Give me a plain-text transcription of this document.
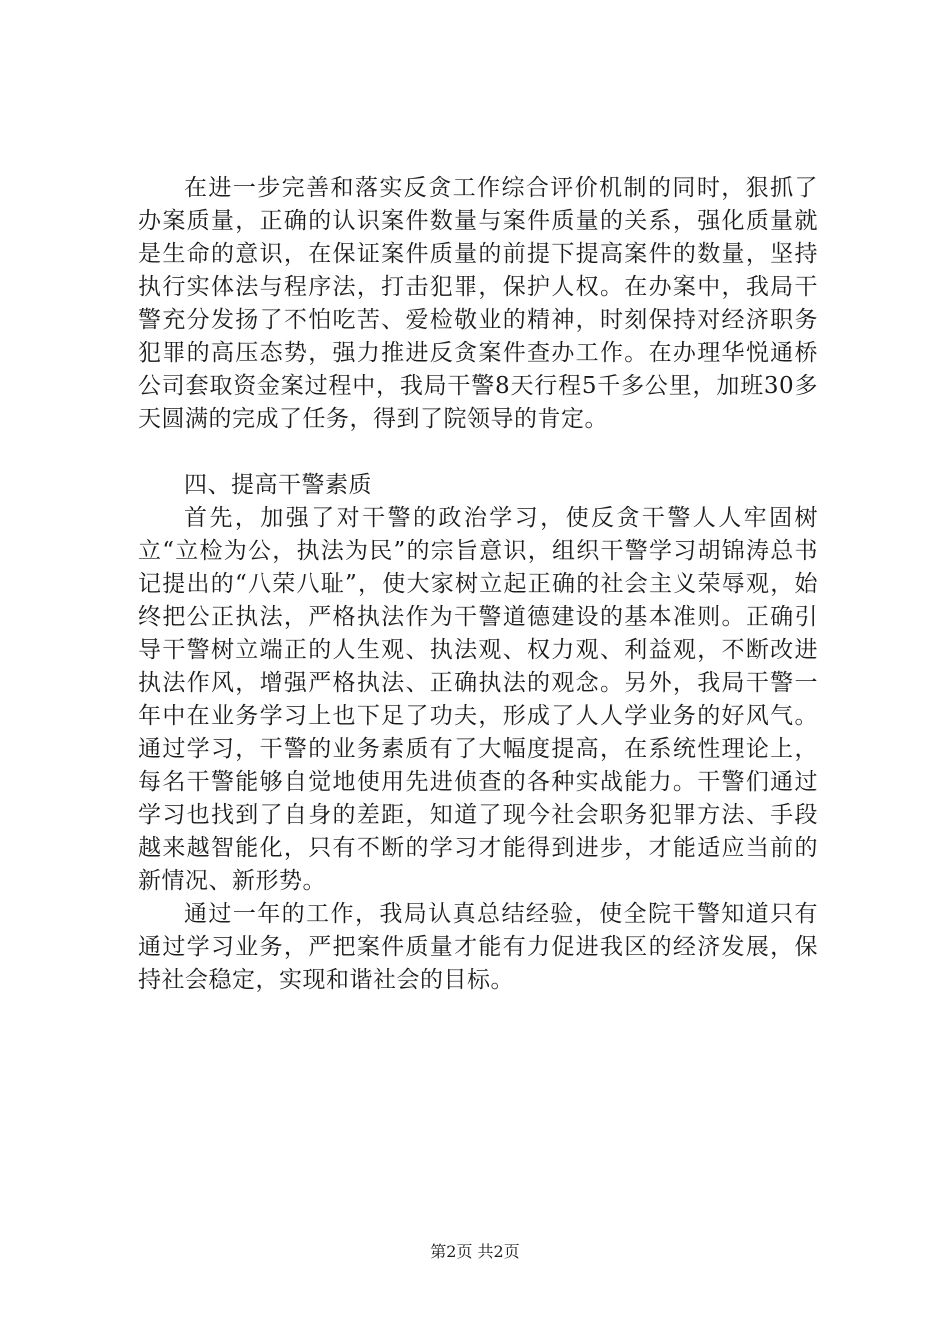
在进一步完善和落实反贪工作综合评价机制的同时，狠抓了办案质量，正确的认识案件数量与案件质量的关系，强化质量就是生命的意识，在保证案件质量的前提下提高案件的数量，坚持执行实体法与程序法，打击犯罪，保护人权。在办案中，我局干警充分发扬了不怕吃苦、爱检敬业的精神，时刻保持对经济职务犯罪的高压态势，强力推进反贪案件查办工作。在办理华悦通桥公司套取资金案过程中，我局干警8天行程5千多公里，加班30多天圆满的完成了任务，得到了院领导的肯定。

四、提高干警素质

首先，加强了对干警的政治学习，使反贪干警人人牢固树立“立检为公，执法为民”的宗旨意识，组织干警学习胡锦涛总书记提出的“八荣八耻”，使大家树立起正确的社会主义荣辱观，始终把公正执法，严格执法作为干警道德建设的基本准则。正确引导干警树立端正的人生观、执法观、权力观、利益观，不断改进执法作风，增强严格执法、正确执法的观念。另外，我局干警一年中在业务学习上也下足了功夫，形成了人人学业务的好风气。通过学习，干警的业务素质有了大幅度提高，在系统性理论上，每名干警能够自觉地使用先进侦查的各种实战能力。干警们通过学习也找到了自身的差距，知道了现今社会职务犯罪方法、手段越来越智能化，只有不断的学习才能得到进步，才能适应当前的新情况、新形势。

通过一年的工作，我局认真总结经验，使全院干警知道只有通过学习业务，严把案件质量才能有力促进我区的经济发展，保持社会稳定，实现和谐社会的目标。

第2页 共2页
